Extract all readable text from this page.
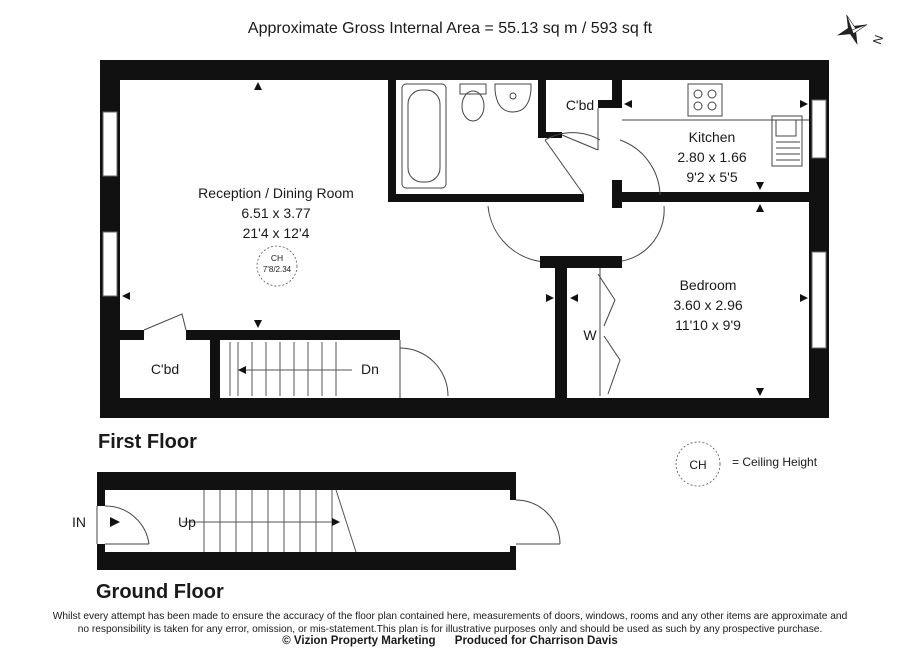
Approximate Gross Internal Area = 55.13 sq m / 593 sq ft
N
Reception / Dining Room
6.51 x 3.77
21'4 x 12'4
CH
7'8/2.34
Kitchen
2.80 x 1.66
9'2 x 5'5
Bedroom
3.60 x 2.96
11'10 x 9'9
C'bd
C'bd
W
Dn
First Floor
CH = Ceiling Height
IN	Up
Ground Floor
Whilst every attempt has been made to ensure the accuracy of the floor plan contained here, measurements of doors, windows, rooms and any other items are approximate and
no responsibility is taken for any error, omission, or mis-statement.This plan is for illustrative purposes only and should be used as such by any prospective purchase.
© Vizion Property Marketing Produced for Charrison Davis
